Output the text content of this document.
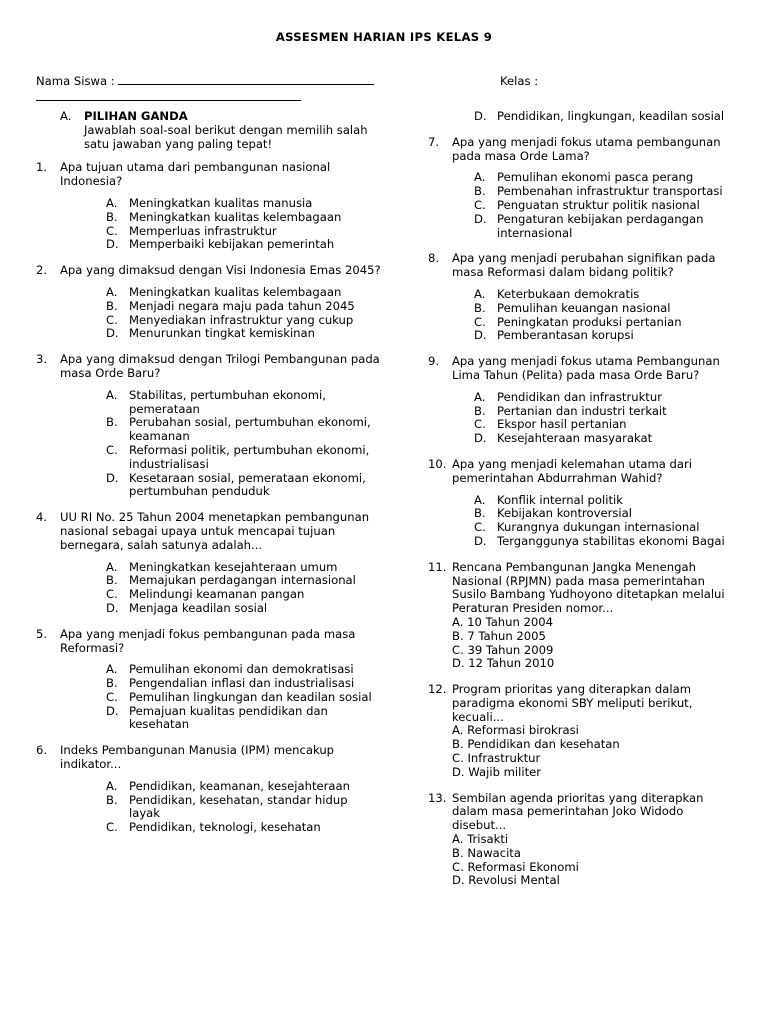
ASSESMEN HARIAN IPS KELAS 9
Nama Siswa :	Kelas :
A.	PILIHAN GANDA
Jawablah soal-soal berikut dengan memilih salah satu jawaban yang paling tepat!
1.	Apa tujuan utama dari pembangunan nasional Indonesia?
A. Meningkatkan kualitas manusia
B. Meningkatkan kualitas kelembagaan
C. Memperluas infrastruktur
D. Memperbaiki kebijakan pemerintah
2.	Apa yang dimaksud dengan Visi Indonesia Emas 2045?
A. Meningkatkan kualitas kelembagaan
B. Menjadi negara maju pada tahun 2045
C. Menyediakan infrastruktur yang cukup
D. Menurunkan tingkat kemiskinan
3.	Apa yang dimaksud dengan Trilogi Pembangunan pada masa Orde Baru?
A. Stabilitas, pertumbuhan ekonomi, pemerataan
B. Perubahan sosial, pertumbuhan ekonomi, keamanan
C. Reformasi politik, pertumbuhan ekonomi, industrialisasi
D. Kesetaraan sosial, pemerataan ekonomi, pertumbuhan penduduk
4.	UU RI No. 25 Tahun 2004 menetapkan pembangunan nasional sebagai upaya untuk mencapai tujuan bernegara, salah satunya adalah...
A. Meningkatkan kesejahteraan umum
B. Memajukan perdagangan internasional
C. Melindungi keamanan pangan
D. Menjaga keadilan sosial
5.	Apa yang menjadi fokus pembangunan pada masa Reformasi?
A. Pemulihan ekonomi dan demokratisasi
B. Pengendalian inflasi dan industrialisasi
C. Pemulihan lingkungan dan keadilan sosial
D. Pemajuan kualitas pendidikan dan kesehatan
6.	Indeks Pembangunan Manusia (IPM) mencakup indikator...
A. Pendidikan, keamanan, kesejahteraan
B. Pendidikan, kesehatan, standar hidup layak
C. Pendidikan, teknologi, kesehatan
D. Pendidikan, lingkungan, keadilan sosial
7.	Apa yang menjadi fokus utama pembangunan pada masa Orde Lama?
A. Pemulihan ekonomi pasca perang
B. Pembenahan infrastruktur transportasi
C. Penguatan struktur politik nasional
D. Pengaturan kebijakan perdagangan internasional
8.	Apa yang menjadi perubahan signifikan pada masa Reformasi dalam bidang politik?
A. Keterbukaan demokratis
B. Pemulihan keuangan nasional
C. Peningkatan produksi pertanian
D. Pemberantasan korupsi
9.	Apa yang menjadi fokus utama Pembangunan Lima Tahun (Pelita) pada masa Orde Baru?
A. Pendidikan dan infrastruktur
B. Pertanian dan industri terkait
C. Ekspor hasil pertanian
D. Kesejahteraan masyarakat
10. Apa yang menjadi kelemahan utama dari pemerintahan Abdurrahman Wahid?
A. Konflik internal politik
B. Kebijakan kontroversial
C. Kurangnya dukungan internasional
D. Terganggunya stabilitas ekonomi Bagai
11. Rencana Pembangunan Jangka Menengah Nasional (RPJMN) pada masa pemerintahan Susilo Bambang Yudhoyono ditetapkan melalui Peraturan Presiden nomor...
A. 10 Tahun 2004
B. 7 Tahun 2005
C. 39 Tahun 2009
D. 12 Tahun 2010
12. Program prioritas yang diterapkan dalam paradigma ekonomi SBY meliputi berikut, kecuali...
A. Reformasi birokrasi
B. Pendidikan dan kesehatan
C. Infrastruktur
D. Wajib militer
13. Sembilan agenda prioritas yang diterapkan dalam masa pemerintahan Joko Widodo disebut...
A. Trisakti
B. Nawacita
C. Reformasi Ekonomi
D. Revolusi Mental
